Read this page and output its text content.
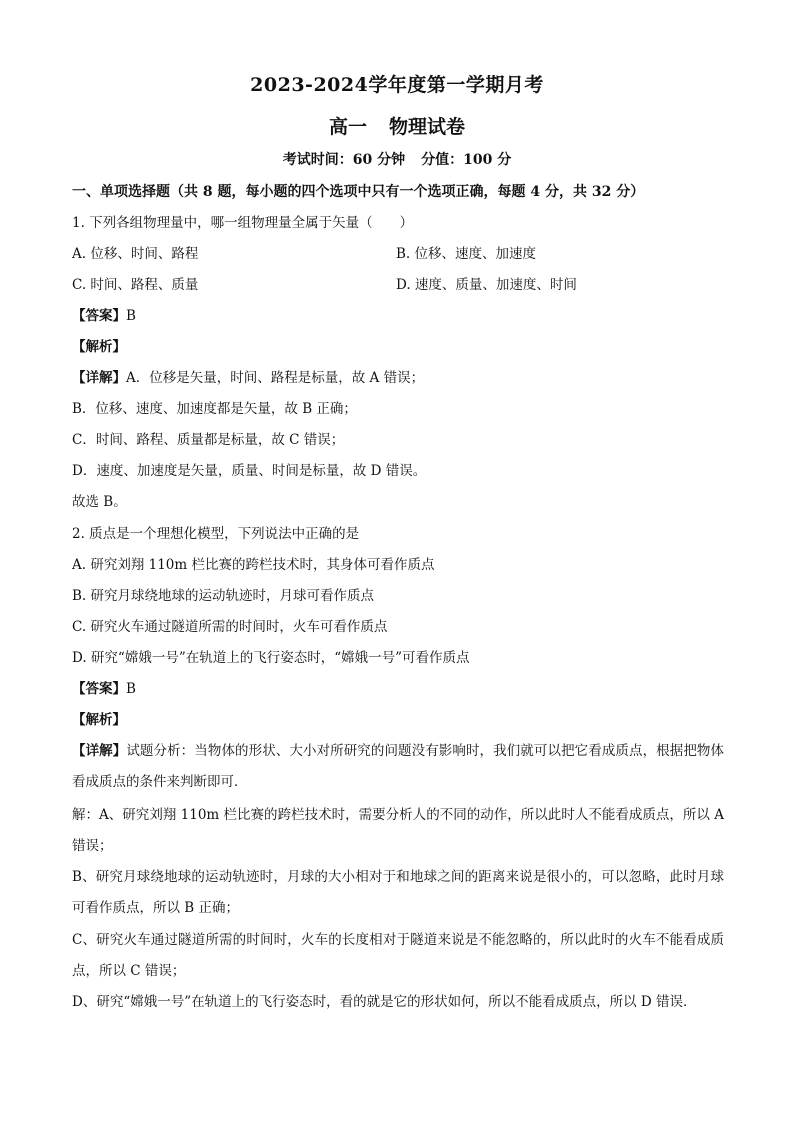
2023-2024学年度第一学期月考
高一 物理试卷
考试时间：60 分钟 分值：100 分
一、单项选择题（共 8 题，每小题的四个选项中只有一个选项正确，每题 4 分，共 32 分）
1. 下列各组物理量中，哪一组物理量全属于矢量（　　）
A. 位移、时间、路程	B. 位移、速度、加速度
C. 时间、路程、质量	D. 速度、质量、加速度、时间
【答案】B
【解析】
【详解】A．位移是矢量，时间、路程是标量，故 A 错误；
B．位移、速度、加速度都是矢量，故 B 正确；
C．时间、路程、质量都是标量，故 C 错误；
D．速度、加速度是矢量，质量、时间是标量，故 D 错误。
故选 B。
2. 质点是一个理想化模型，下列说法中正确的是
A. 研究刘翔 110m 栏比赛的跨栏技术时，其身体可看作质点
B. 研究月球绕地球的运动轨迹时，月球可看作质点
C. 研究火车通过隧道所需的时间时，火车可看作质点
D. 研究“嫦娥一号”在轨道上的飞行姿态时，“嫦娥一号”可看作质点
【答案】B
【解析】
【详解】试题分析：当物体的形状、大小对所研究的问题没有影响时，我们就可以把它看成质点，根据把物体看成质点的条件来判断即可．
解：A、研究刘翔 110m 栏比赛的跨栏技术时，需要分析人的不同的动作，所以此时人不能看成质点，所以 A 错误；
B、研究月球绕地球的运动轨迹时，月球的大小相对于和地球之间的距离来说是很小的，可以忽略，此时月球可看作质点，所以 B 正确；
C、研究火车通过隧道所需的时间时，火车的长度相对于隧道来说是不能忽略的，所以此时的火车不能看成质点，所以 C 错误；
D、研究“嫦娥一号”在轨道上的飞行姿态时，看的就是它的形状如何，所以不能看成质点，所以 D 错误．
